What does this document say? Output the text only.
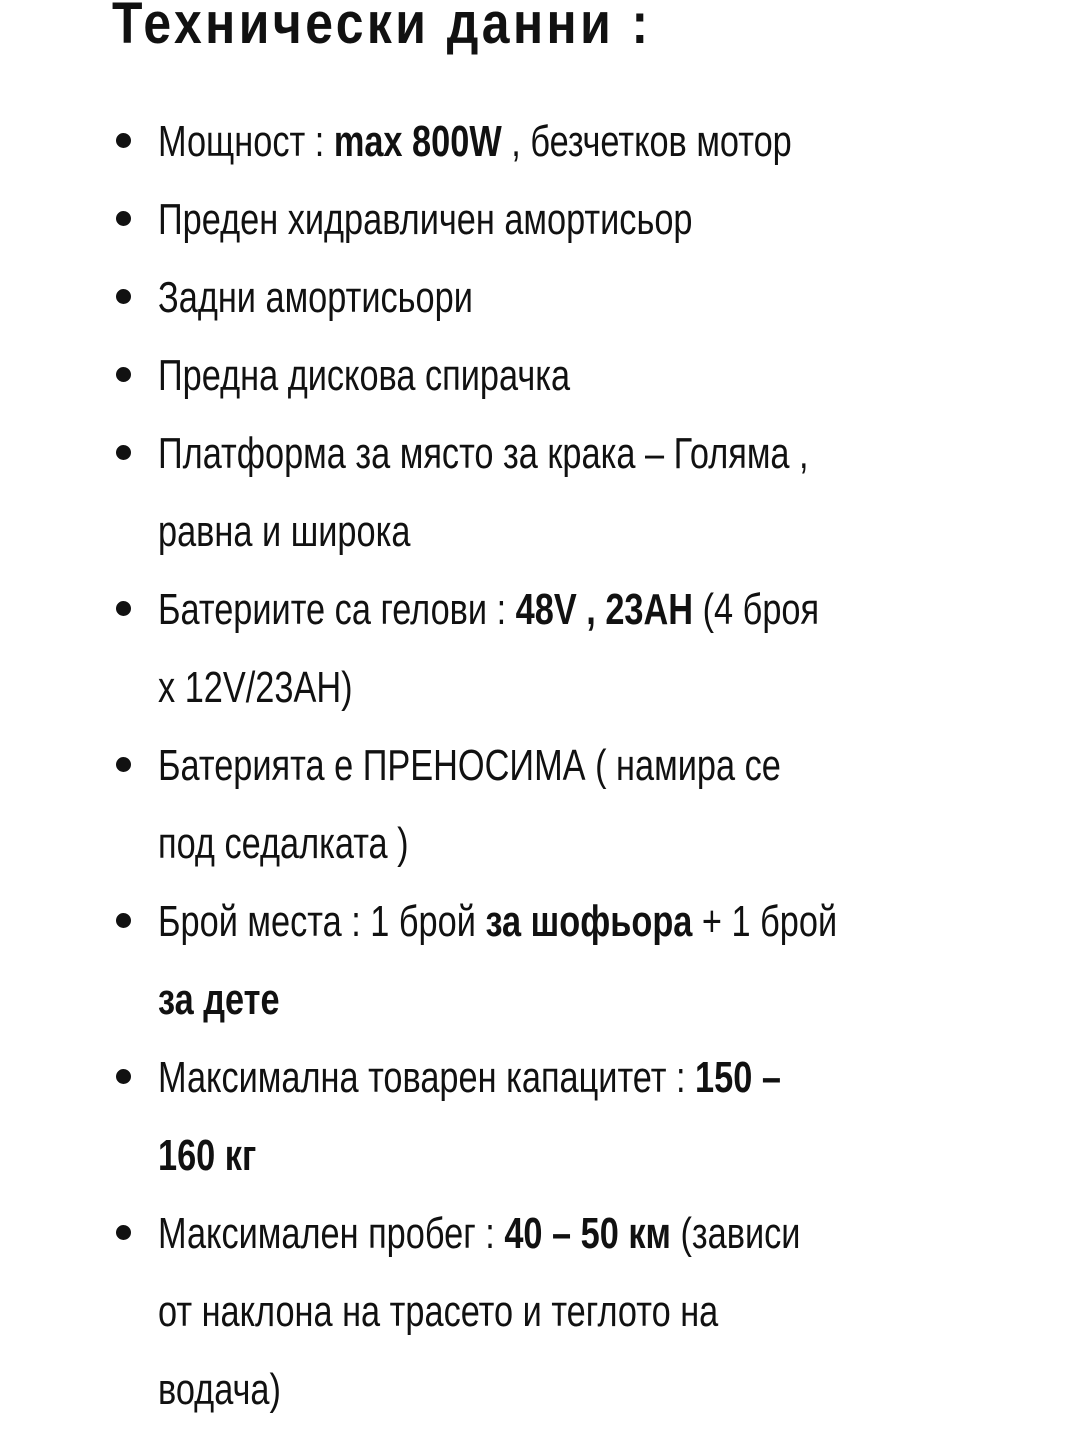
Технически данни :
Мощност : max 800W , безчетков мотор
Преден хидравличен амортисьор
Задни амортисьори
Предна дискова спирачка
Платформа за място за крака – Голяма ,
равна и широка
Батериите са гелови : 48V , 23AH (4 броя
x 12V/23AH)
Батерията е ПРЕНОСИМА ( намира се
под седалката )
Брой места : 1 брой за шофьора + 1 брой
за дете
Максимална товарен капацитет : 150 –
160 кг
Максимален пробег : 40 – 50 км (зависи
от наклона на трасето и теглото на
водача)
